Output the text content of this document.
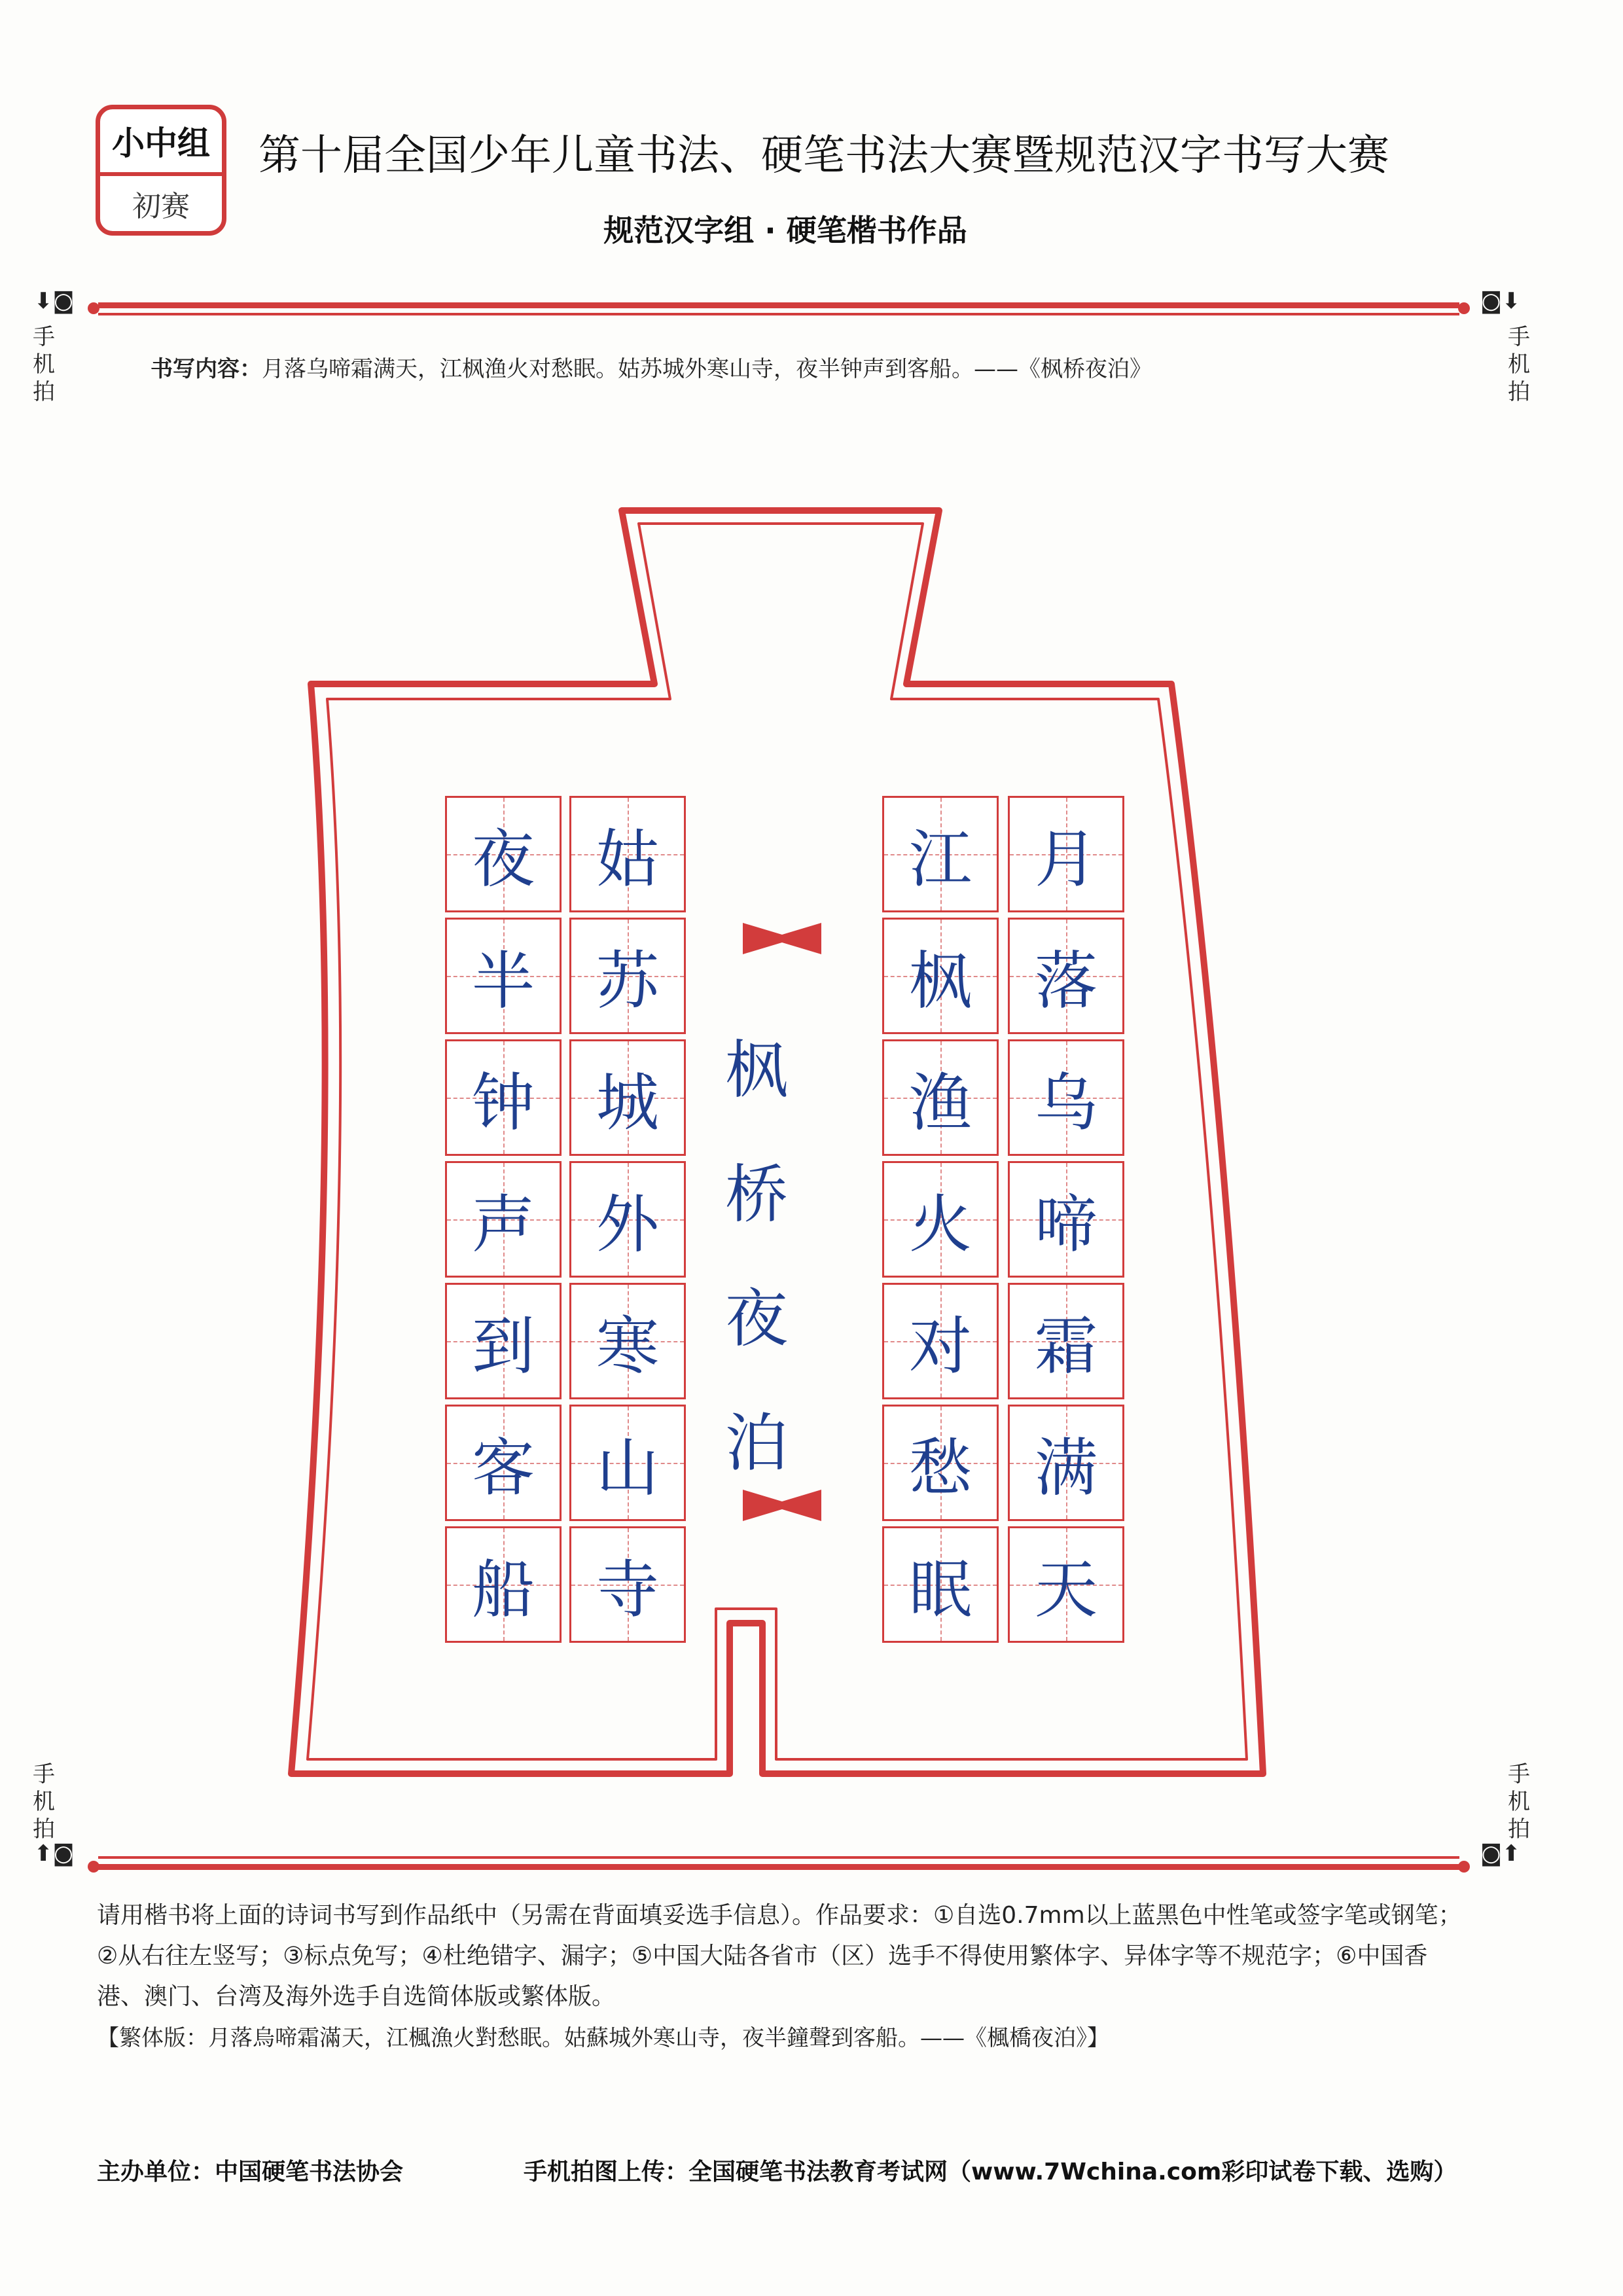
小中组
初赛
第十届全国少年儿童书法、硬笔书法大赛暨规范汉字书写大赛
规范汉字组 · 硬笔楷书作品
⬇◙
手机拍
◙⬇
手机拍
书写内容：月落乌啼霜满天，江枫渔火对愁眠。姑苏城外寒山寺，夜半钟声到客船。——《枫桥夜泊》
月
落
乌
啼
霜
满
天
江
枫
渔
火
对
愁
眠
姑
苏
城
外
寒
山
寺
夜
半
钟
声
到
客
船
枫
桥
夜
泊
手机拍
⬆◙
手机拍
◙⬆
请用楷书将上面的诗词书写到作品纸中（另需在背面填妥选手信息）。作品要求：①自选0.7mm以上蓝黑色中性笔或签字笔或钢笔；②从右往左竖写；③标点免写；④杜绝错字、漏字；⑤中国大陆各省市（区）选手不得使用繁体字、异体字等不规范字；⑥中国香港、澳门、台湾及海外选手自选简体版或繁体版。
【繁体版：月落烏啼霜滿天，江楓漁火對愁眠。姑蘇城外寒山寺，夜半鐘聲到客船。——《楓橋夜泊》】
主办单位：中国硬笔书法协会	手机拍图上传：全国硬笔书法教育考试网（www.7Wchina.com彩印试卷下载、选购）
